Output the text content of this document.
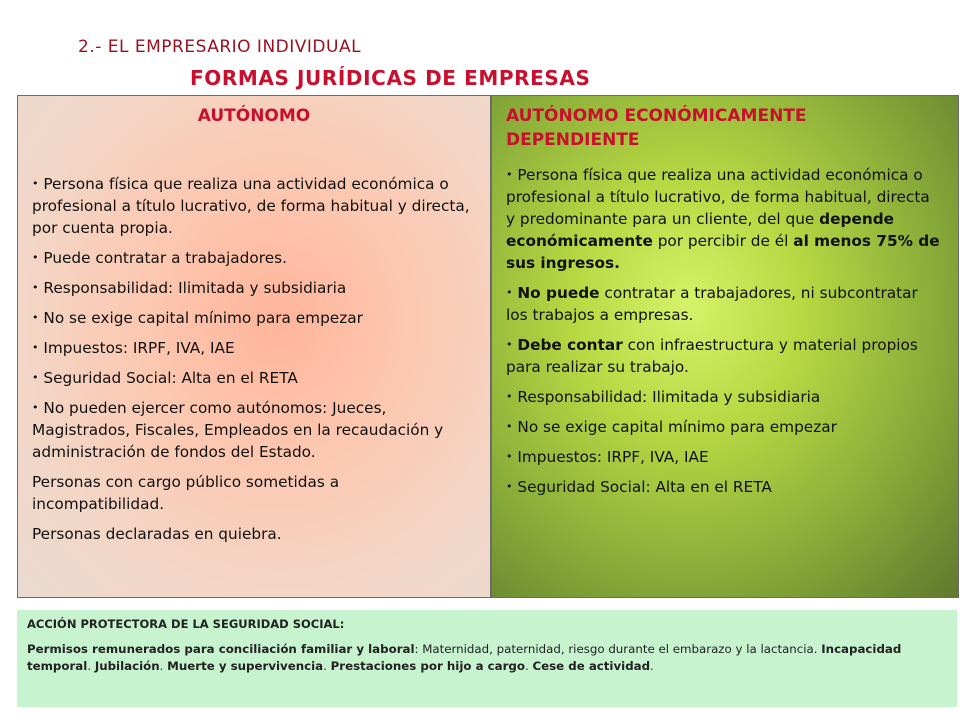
2.- EL EMPRESARIO INDIVIDUAL
FORMAS JURÍDICAS DE EMPRESAS
AUTÓNOMO

• Persona física que realiza una actividad económica o profesional a título lucrativo, de forma habitual y directa, por cuenta propia.

• Puede contratar a trabajadores.

• Responsabilidad: Ilimitada y subsidiaria

• No se exige capital mínimo para empezar

• Impuestos: IRPF, IVA, IAE

• Seguridad Social: Alta en el RETA

• No pueden ejercer como autónomos: Jueces, Magistrados, Fiscales, Empleados en la recaudación y administración de fondos del Estado.

Personas con cargo público sometidas a incompatibilidad.

Personas declaradas en quiebra.

AUTÓNOMO ECONÓMICAMENTE DEPENDIENTE

• Persona física que realiza una actividad económica o profesional a título lucrativo, de forma habitual, directa y predominante para un cliente, del que depende económicamente por percibir de él al menos 75% de sus ingresos.

• No puede contratar a trabajadores, ni subcontratar los trabajos a empresas.

• Debe contar con infraestructura y material propios para realizar su trabajo.

• Responsabilidad: Ilimitada y subsidiaria

• No se exige capital mínimo para empezar

• Impuestos: IRPF, IVA, IAE

• Seguridad Social: Alta en el RETA

ACCIÓN PROTECTORA DE LA SEGURIDAD SOCIAL:
Permisos remunerados para conciliación familiar y laboral: Maternidad, paternidad, riesgo durante el embarazo y la lactancia. Incapacidad temporal. Jubilación. Muerte y supervivencia. Prestaciones por hijo a cargo. Cese de actividad.
